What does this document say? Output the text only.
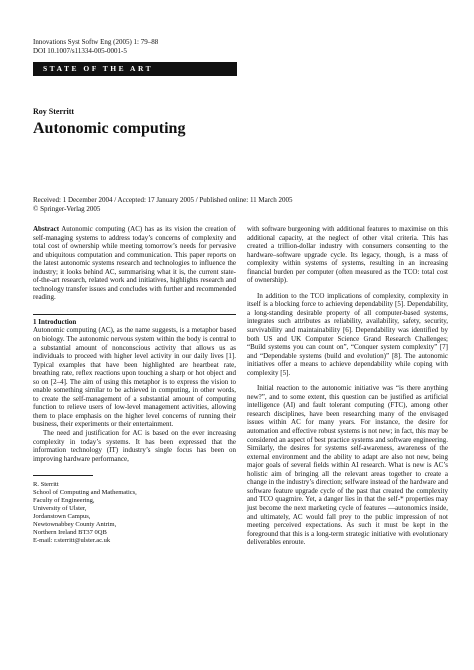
Innovations Syst Softw Eng (2005) 1: 79–88
DOI 10.1007/s11334-005-0001-5
STATE OF THE ART
Roy Sterritt
Autonomic computing
Received: 1 December 2004 / Accepted: 17 January 2005 / Published online: 11 March 2005
© Springer-Verlag 2005

Abstract Autonomic computing (AC) has as its vision the creation of self-managing systems to address today’s concerns of complexity and total cost of ownership while meeting tomorrow’s needs for pervasive and ubiquitous computation and communication. This paper reports on the latest autonomic systems research and technologies to influence the industry; it looks behind AC, summarising what it is, the current state-of-the-art research, related work and initiatives, highlights research and technology transfer issues and concludes with further and recommended reading.

1 Introduction

Autonomic computing (AC), as the name suggests, is a metaphor based on biology. The autonomic nervous system within the body is central to a substantial amount of nonconscious activity that allows us as individuals to proceed with higher level activity in our daily lives [1]. Typical examples that have been highlighted are heartbeat rate, breathing rate, reflex reactions upon touching a sharp or hot object and so on [2–4]. The aim of using this metaphor is to express the vision to enable something similar to be achieved in computing, in other words, to create the self-management of a substantial amount of computing function to relieve users of low-level management activities, allowing them to place emphasis on the higher level concerns of running their business, their experiments or their entertainment.

The need and justification for AC is based on the ever increasing complexity in today’s systems. It has been expressed that the information technology (IT) industry’s single focus has been on improving hardware performance,

R. Sterritt
School of Computing and Mathematics,
Faculty of Engineering,
University of Ulster,
Jordanstown Campus,
Newtownabbey County Antrim,
Northern Ireland BT37 0QB
E-mail: r.sterritt@ulster.ac.uk

with software burgeoning with additional features to maximise on this additional capacity, at the neglect of other vital criteria. This has created a trillion-dollar industry with consumers consenting to the hardware–software upgrade cycle. Its legacy, though, is a mass of complexity within systems of systems, resulting in an increasing financial burden per computer (often measured as the TCO: total cost of ownership).

In addition to the TCO implications of complexity, complexity in itself is a blocking force to achieving dependability [5]. Dependability, a long-standing desirable property of all computer-based systems, integrates such attributes as reliability, availability, safety, security, survivability and maintainability [6]. Dependability was identified by both US and UK Computer Science Grand Research Challenges; “Build systems you can count on”, “Conquer system complexity” [7] and “Dependable systems (build and evolution)” [8]. The autonomic initiatives offer a means to achieve dependability while coping with complexity [5].

Initial reaction to the autonomic initiative was “is there anything new?”, and to some extent, this question can be justified as artificial intelligence (AI) and fault tolerant computing (FTC), among other research disciplines, have been researching many of the envisaged issues within AC for many years. For instance, the desire for automation and effective robust systems is not new; in fact, this may be considered an aspect of best practice systems and software engineering. Similarly, the desires for systems self-awareness, awareness of the external environment and the ability to adapt are also not new, being major goals of several fields within AI research. What is new is AC’s holistic aim of bringing all the relevant areas together to create a change in the industry’s direction; selfware instead of the hardware and software feature upgrade cycle of the past that created the complexity and TCO quagmire. Yet, a danger lies in that the self-* properties may just become the next marketing cycle of features —autonomics inside, and ultimately, AC would fall prey to the public impression of not meeting perceived expectations. As such it must be kept in the foreground that this is a long-term strategic initiative with evolutionary deliverables enroute.
